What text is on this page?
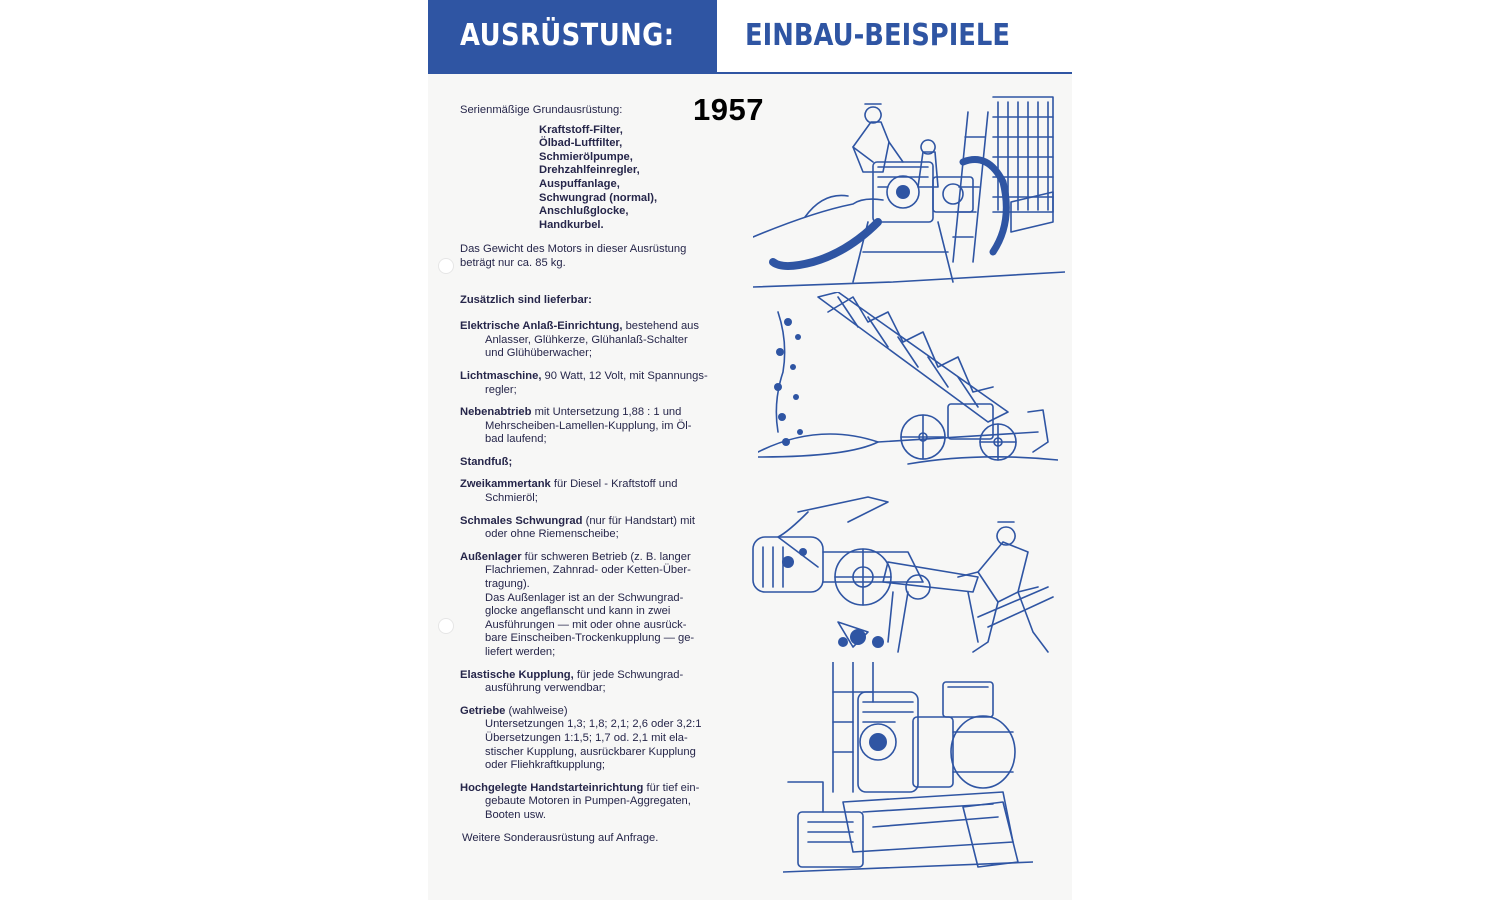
AUSRÜSTUNG: EINBAU-BEISPIELE
1957

Serienmäßige Grundausrüstung:

Kraftstoff-Filter,

Ölbad-Luftfilter,

Schmierölpumpe,

Drehzahlfeinregler,

Auspuffanlage,

Schwungrad (normal),

Anschlußglocke,

Handkurbel.

Das Gewicht des Motors in dieser Ausrüstung

beträgt nur ca. 85 kg.

Zusätzlich sind lieferbar:

Elektrische Anlaß-Einrichtung, bestehend aus

Anlasser, Glühkerze, Glühanlaß-Schalter

und Glühüberwacher;

Lichtmaschine, 90 Watt, 12 Volt, mit Spannungs-

regler;

Nebenabtrieb mit Untersetzung 1,88 : 1 und

Mehrscheiben-Lamellen-Kupplung, im Öl-

bad laufend;

Standfuß;

Zweikammertank für Diesel - Kraftstoff und

Schmieröl;

Schmales Schwungrad (nur für Handstart) mit

oder ohne Riemenscheibe;

Außenlager für schweren Betrieb (z. B. langer

Flachriemen, Zahnrad- oder Ketten-Über-

tragung).

Das Außenlager ist an der Schwungrad-

glocke angeflanscht und kann in zwei

Ausführungen — mit oder ohne ausrück-

bare Einscheiben-Trockenkupplung — ge-

liefert werden;

Elastische Kupplung, für jede Schwungrad-

ausführung verwendbar;

Getriebe (wahlweise)

Untersetzungen 1,3; 1,8; 2,1; 2,6 oder 3,2:1

Übersetzungen 1:1,5; 1,7 od. 2,1 mit ela-

stischer Kupplung, ausrückbarer Kupplung

oder Fliehkraftkupplung;

Hochgelegte Handstarteinrichtung für tief ein-

gebaute Motoren in Pumpen-Aggregaten,

Booten usw.

Weitere Sonderausrüstung auf Anfrage.
